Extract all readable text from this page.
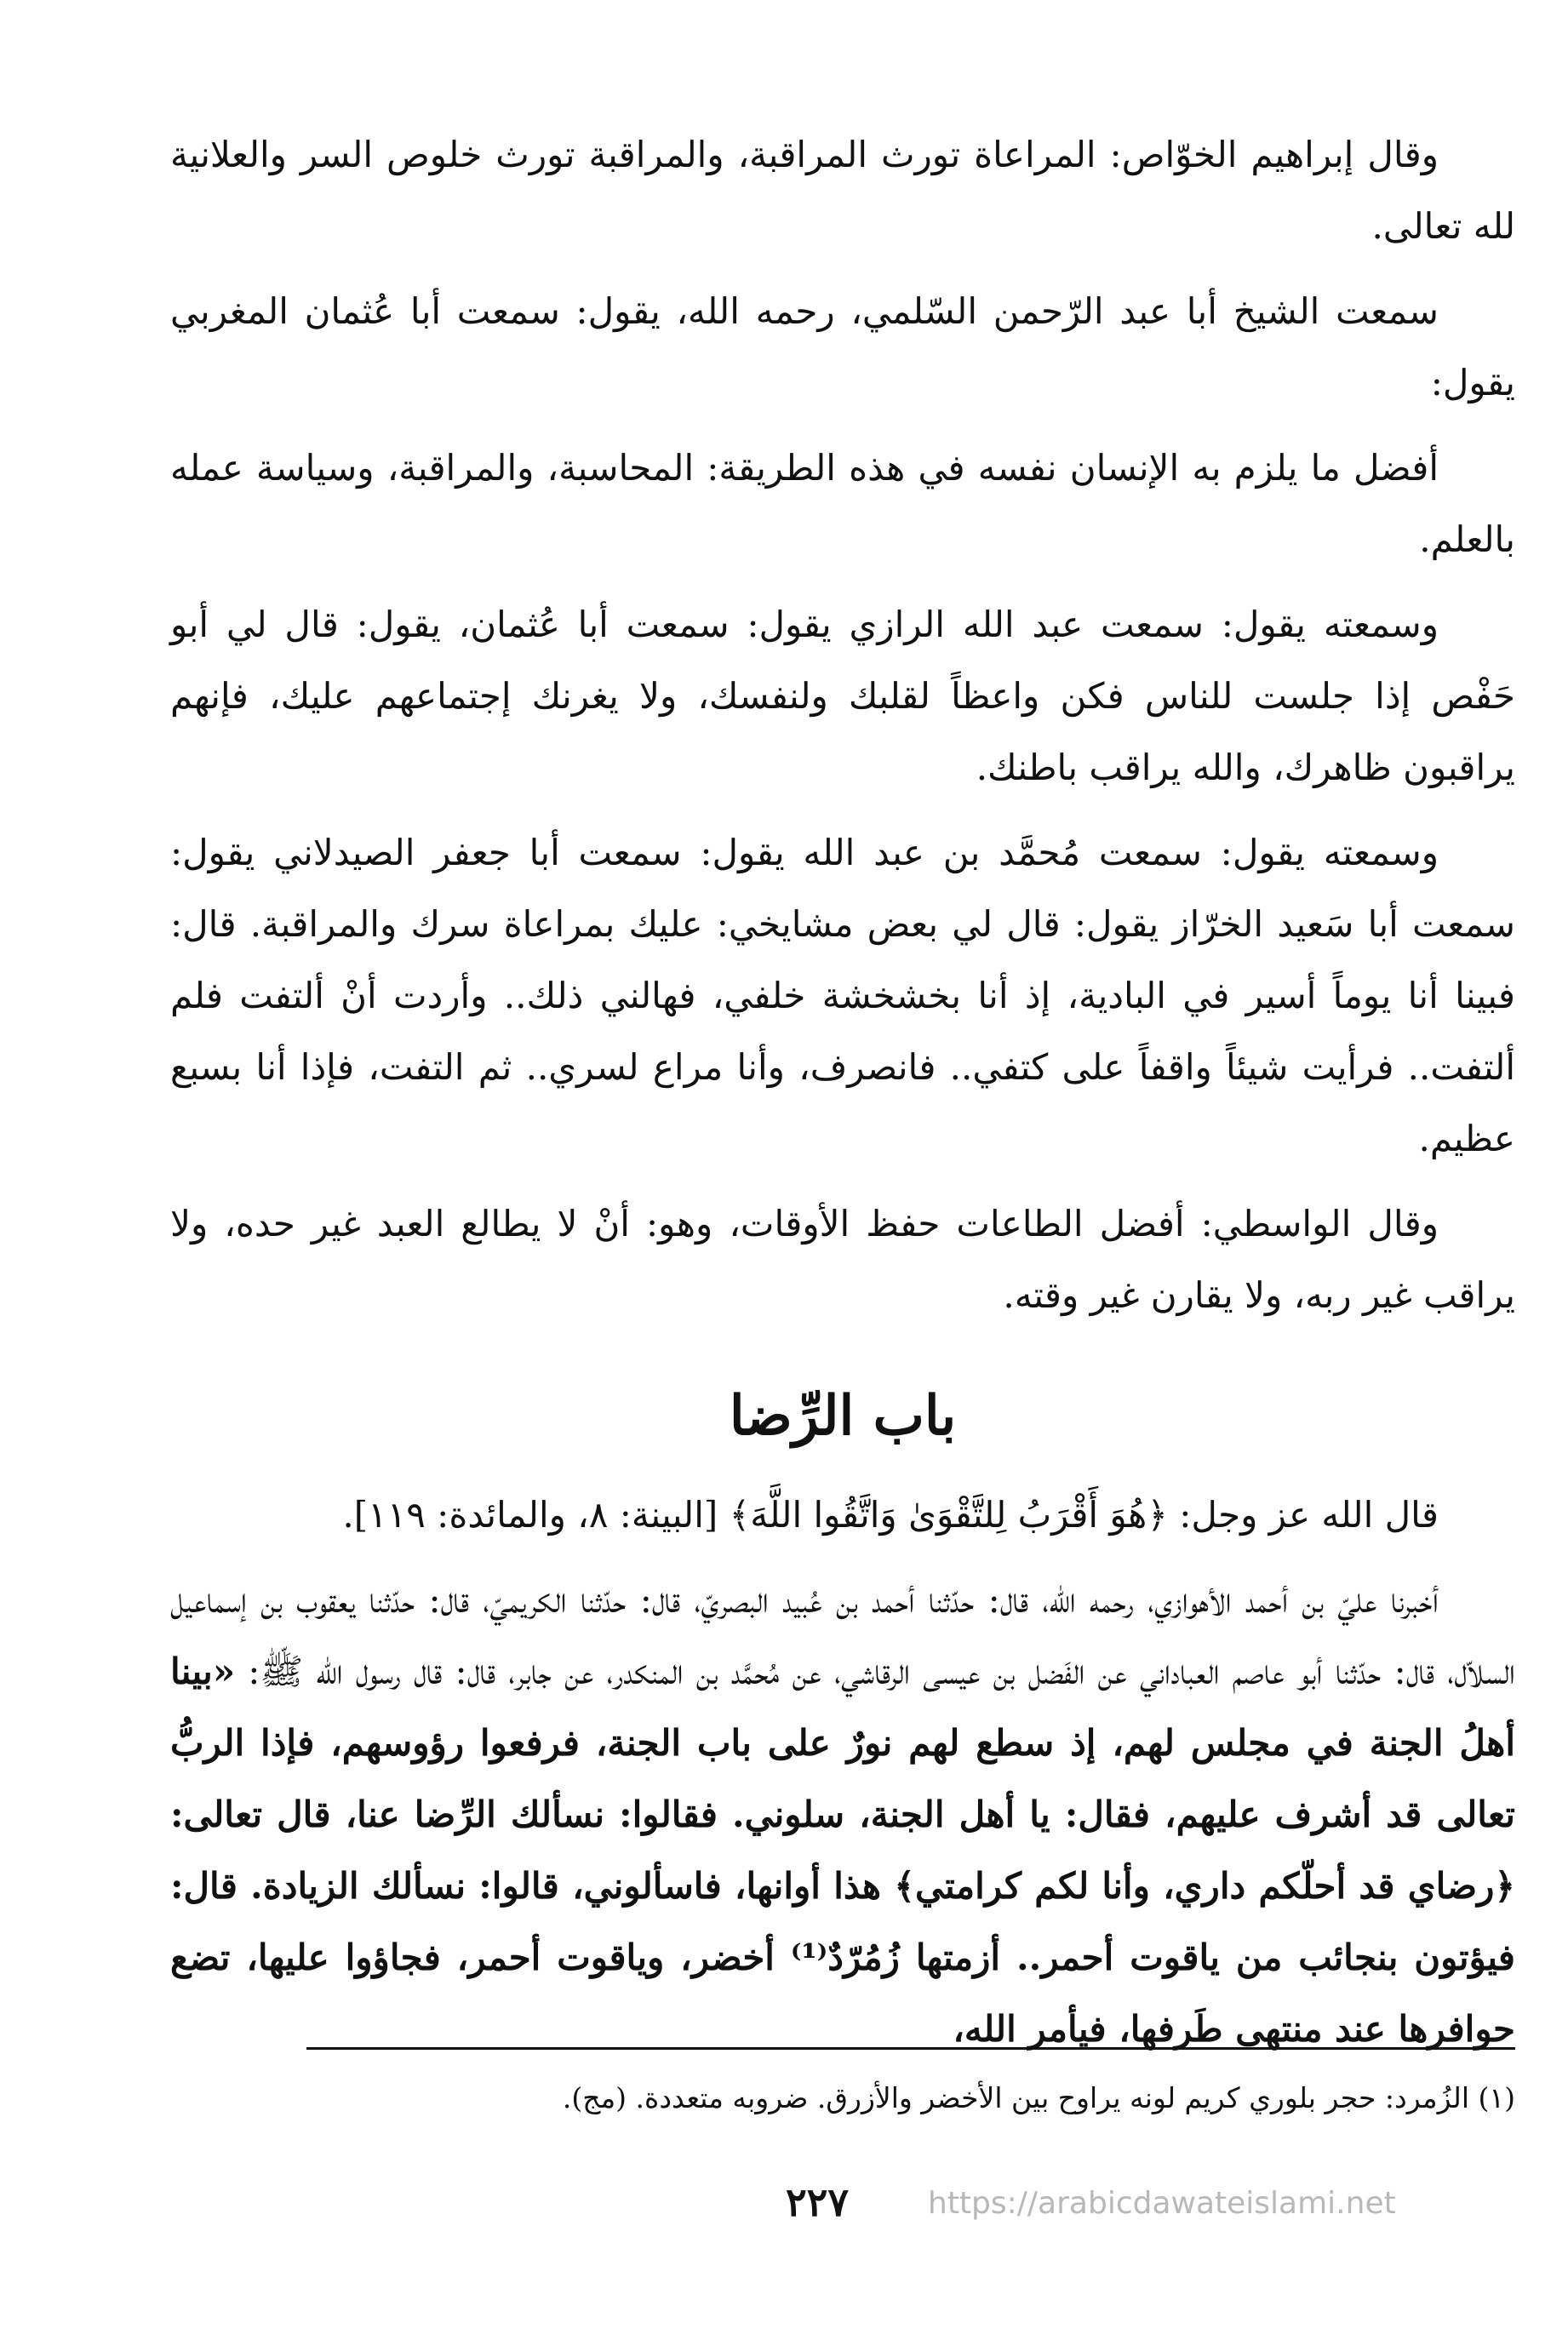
وقال إبراهيم الخوّاص: المراعاة تورث المراقبة، والمراقبة تورث خلوص السر والعلانية لله تعالى.

سمعت الشيخ أبا عبد الرّحمن السّلمي، رحمه الله، يقول: سمعت أبا عُثمان المغربي يقول:

أفضل ما يلزم به الإنسان نفسه في هذه الطريقة: المحاسبة، والمراقبة، وسياسة عمله بالعلم.

وسمعته يقول: سمعت عبد الله الرازي يقول: سمعت أبا عُثمان، يقول: قال لي أبو حَفْص إذا جلست للناس فكن واعظاً لقلبك ولنفسك، ولا يغرنك إجتماعهم عليك، فإنهم يراقبون ظاهرك، والله يراقب باطنك.

وسمعته يقول: سمعت مُحمَّد بن عبد الله يقول: سمعت أبا جعفر الصيدلاني يقول: سمعت أبا سَعيد الخرّاز يقول: قال لي بعض مشايخي: عليك بمراعاة سرك والمراقبة. قال: فبينا أنا يوماً أسير في البادية، إذ أنا بخشخشة خلفي، فهالني ذلك.. وأردت أنْ ألتفت فلم ألتفت.. فرأيت شيئاً واقفاً على كتفي.. فانصرف، وأنا مراع لسري.. ثم التفت، فإذا أنا بسبع عظيم.

وقال الواسطي: أفضل الطاعات حفظ الأوقات، وهو: أنْ لا يطالع العبد غير حده، ولا يراقب غير ربه، ولا يقارن غير وقته.

باب الرِّضا

قال الله عز وجل: ﴿هُوَ أَقْرَبُ لِلتَّقْوَىٰ وَاتَّقُوا اللَّهَ﴾ [البينة: ٨، والمائدة: ١١٩].

أخبرنا عليّ بن أحمد الأهوازي، رحمه الله، قال: حدّثنا أحمد بن عُبيد البصريّ، قال: حدّثنا الكريميّ، قال: حدّثنا يعقوب بن إسماعيل السلاّل، قال: حدّثنا أبو عاصم العباداني عن الفَضل بن عيسى الرقاشي، عن مُحمَّد بن المنكدر، عن جابر، قال: قال رسول الله ﷺ: «بينا أهلُ الجنة في مجلس لهم، إذ سطع لهم نورٌ على باب الجنة، فرفعوا رؤوسهم، فإذا الربُّ تعالى قد أشرف عليهم، فقال: يا أهل الجنة، سلوني. فقالوا: نسألك الرِّضا عنا، قال تعالى: ﴿رضاي قد أحلّكم داري، وأنا لكم كرامتي﴾ هذا أوانها، فاسألوني، قالوا: نسألك الزيادة. قال: فيؤتون بنجائب من ياقوت أحمر.. أزمتها زُمُرّدٌ⁽¹⁾ أخضر، وياقوت أحمر، فجاؤوا عليها، تضع حوافرها عند منتهى طَرفها، فيأمر الله،

(١) الزُمرد: حجر بلوري كريم لونه يراوح بين الأخضر والأزرق. ضروبه متعددة. (مج).
٢٢٧	https://arabicdawateislami.net
